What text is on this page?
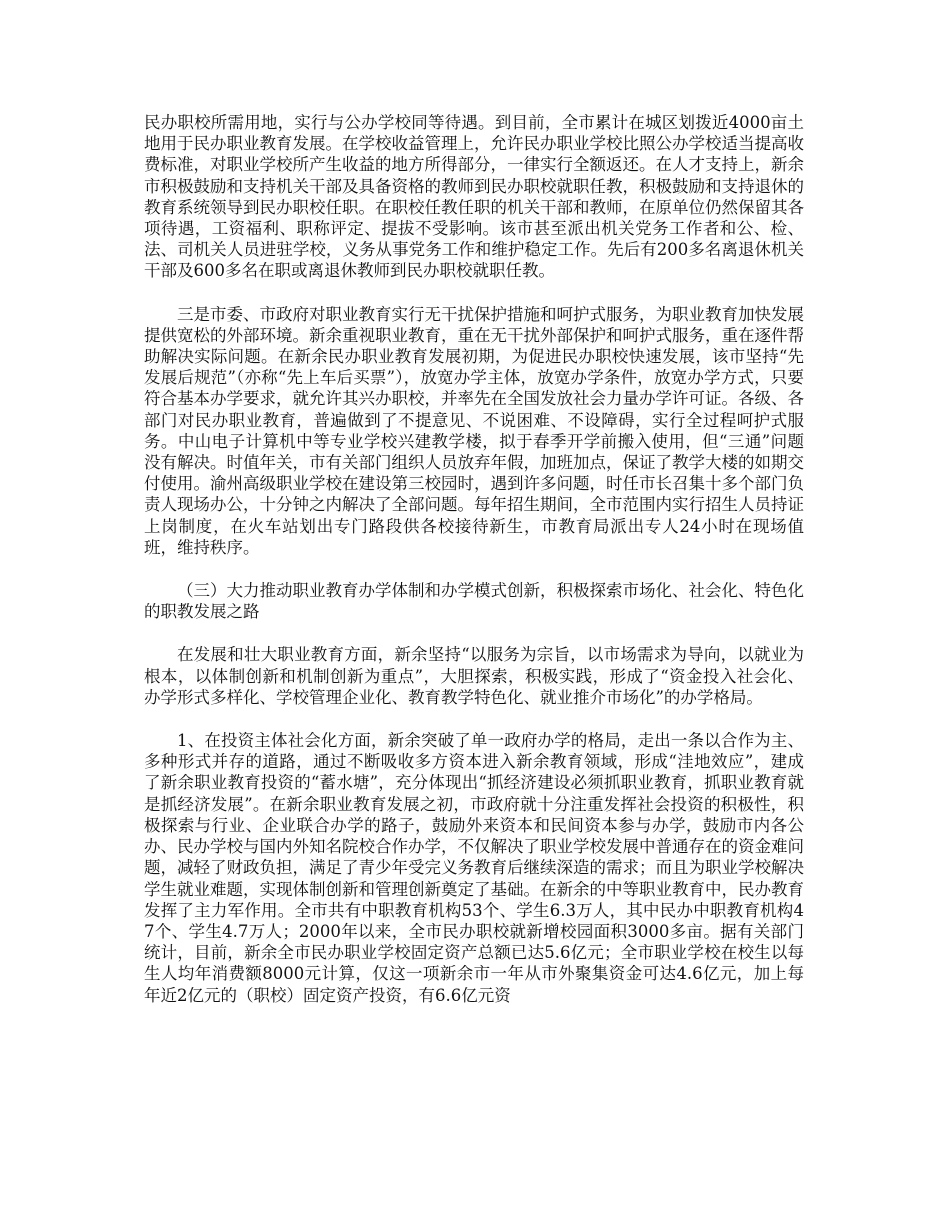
民办职校所需用地，实行与公办学校同等待遇。到目前，全市累计在城区划拨近4000亩土地用于民办职业教育发展。在学校收益管理上，允许民办职业学校比照公办学校适当提高收费标准，对职业学校所产生收益的地方所得部分，一律实行全额返还。在人才支持上，新余市积极鼓励和支持机关干部及具备资格的教师到民办职校就职任教，积极鼓励和支持退休的教育系统领导到民办职校任职。在职校任教任职的机关干部和教师，在原单位仍然保留其各项待遇，工资福利、职称评定、提拔不受影响。该市甚至派出机关党务工作者和公、检、法、司机关人员进驻学校，义务从事党务工作和维护稳定工作。先后有200多名离退休机关干部及600多名在职或离退休教师到民办职校就职任教。

三是市委、市政府对职业教育实行无干扰保护措施和呵护式服务，为职业教育加快发展提供宽松的外部环境。新余重视职业教育，重在无干扰外部保护和呵护式服务，重在逐件帮助解决实际问题。在新余民办职业教育发展初期，为促进民办职校快速发展，该市坚持“先发展后规范”（亦称“先上车后买票”），放宽办学主体，放宽办学条件，放宽办学方式，只要符合基本办学要求，就允许其兴办职校，并率先在全国发放社会力量办学许可证。各级、各部门对民办职业教育，普遍做到了不提意见、不说困难、不设障碍，实行全过程呵护式服务。中山电子计算机中等专业学校兴建教学楼，拟于春季开学前搬入使用，但“三通”问题没有解决。时值年关，市有关部门组织人员放弃年假，加班加点，保证了教学大楼的如期交付使用。渝州高级职业学校在建设第三校园时，遇到许多问题，时任市长召集十多个部门负责人现场办公，十分钟之内解决了全部问题。每年招生期间，全市范围内实行招生人员持证上岗制度，在火车站划出专门路段供各校接待新生，市教育局派出专人24小时在现场值班，维持秩序。

（三）大力推动职业教育办学体制和办学模式创新，积极探索市场化、社会化、特色化的职教发展之路

在发展和壮大职业教育方面，新余坚持“以服务为宗旨，以市场需求为导向，以就业为根本，以体制创新和机制创新为重点”，大胆探索，积极实践，形成了“资金投入社会化、办学形式多样化、学校管理企业化、教育教学特色化、就业推介市场化”的办学格局。

1、在投资主体社会化方面，新余突破了单一政府办学的格局，走出一条以合作为主、多种形式并存的道路，通过不断吸收多方资本进入新余教育领域，形成“洼地效应”，建成了新余职业教育投资的“蓄水塘”，充分体现出“抓经济建设必须抓职业教育，抓职业教育就是抓经济发展”。在新余职业教育发展之初，市政府就十分注重发挥社会投资的积极性，积极探索与行业、企业联合办学的路子，鼓励外来资本和民间资本参与办学，鼓励市内各公办、民办学校与国内外知名院校合作办学，不仅解决了职业学校发展中普通存在的资金难问题，减轻了财政负担，满足了青少年受完义务教育后继续深造的需求；而且为职业学校解决学生就业难题，实现体制创新和管理创新奠定了基础。在新余的中等职业教育中，民办教育发挥了主力军作用。全市共有中职教育机构53个、学生6.3万人，其中民办中职教育机构47个、学生4.7万人；2000年以来，全市民办职校就新增校园面积3000多亩。据有关部门统计，目前，新余全市民办职业学校固定资产总额已达5.6亿元；全市职业学校在校生以每生人均年消费额8000元计算，仅这一项新余市一年从市外聚集资金可达4.6亿元，加上每年近2亿元的（职校）固定资产投资，有6.6亿元资
